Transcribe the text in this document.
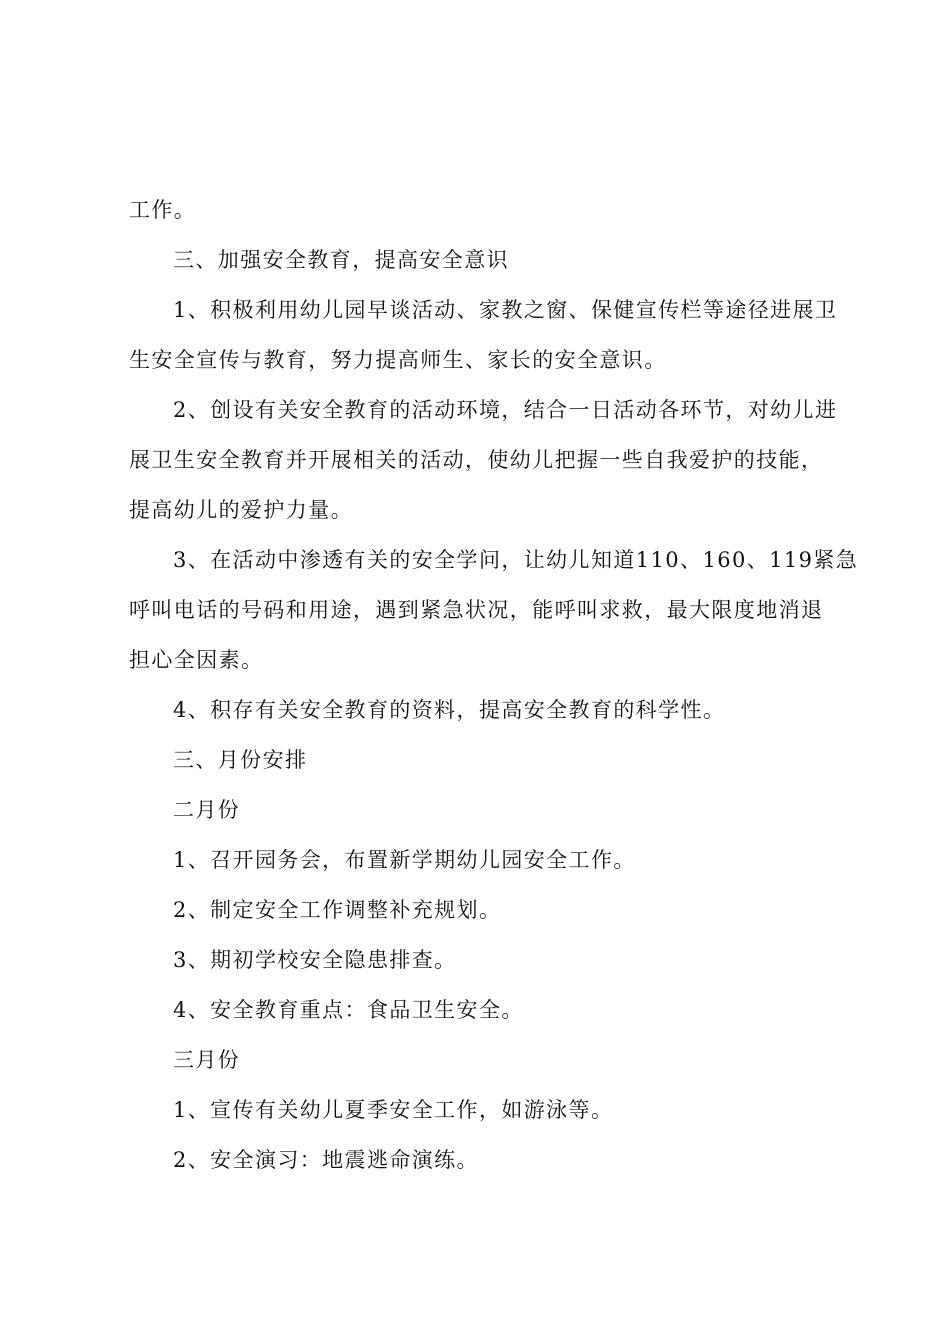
工作。
三、加强安全教育，提高安全意识
1、积极利用幼儿园早谈活动、家教之窗、保健宣传栏等途径进展卫
生安全宣传与教育，努力提高师生、家长的安全意识。
2、创设有关安全教育的活动环境，结合一日活动各环节，对幼儿进
展卫生安全教育并开展相关的活动，使幼儿把握一些自我爱护的技能，
提高幼儿的爱护力量。
3、在活动中渗透有关的安全学问，让幼儿知道110、160、119紧急
呼叫电话的号码和用途，遇到紧急状况，能呼叫求救，最大限度地消退
担心全因素。
4、积存有关安全教育的资料，提高安全教育的科学性。
三、月份安排
二月份
1、召开园务会，布置新学期幼儿园安全工作。
2、制定安全工作调整补充规划。
3、期初学校安全隐患排查。
4、安全教育重点：食品卫生安全。
三月份
1、宣传有关幼儿夏季安全工作，如游泳等。
2、安全演习：地震逃命演练。
